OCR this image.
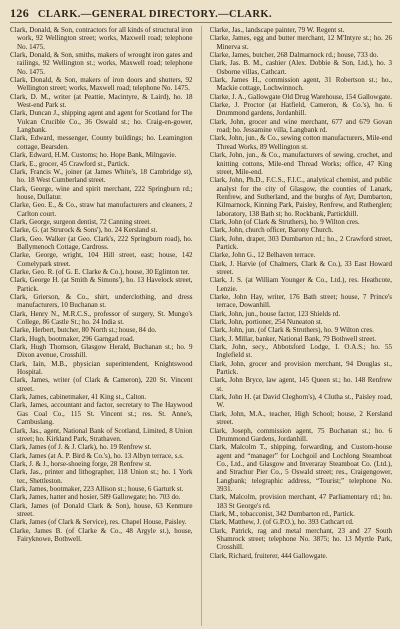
126 CLARK.—GENERAL DIRECTORY.—CLARK.

Clark, Donald, & Son, contractors for all kinds of structural iron work, 92 Wellington street; works, Maxwell road; telephone No. 1475.

Clark, Donald, & Son, smiths, makers of wrought iron gates and railings, 92 Wellington st.; works, Maxwell road; telephone No. 1475.

Clark, Donald, & Son, makers of iron doors and shutters, 92 Wellington street; works, Maxwell road; telephone No. 1475.

Clark, D. M., writer (at Peattie, Macintyre, & Laird), ho. 18 West-end Park st.

Clark, Duncan J., shipping agent and agent for Scotland for The Vulcan Crucible Co., 36 Oswald st.; ho. Craig-en-gower, Langbank.

Clark, Edward, messenger, County buildings; ho. Leamington cottage, Bearsden.

Clark, Edward, H.M. Customs; ho. Hope Bank, Milngavie.

Clark, E., grocer, 45 Crawford st., Partick.

Clark, Francis W., joiner (at James White's, 18 Cambridge st), ho. 18 West Cumberland street.

Clark, George, wine and spirit merchant, 222 Springburn rd.; house, Dullatur.

Clarke, Geo. E., & Co., straw hat manufacturers and cleaners, 2 Carlton court.

Clark, George, surgeon dentist, 72 Canning street.

Clarke, G. (at Strurock & Sons'), ho. 24 Kersland st.

Clark, Geo. Walker (at Geo. Clark's, 222 Springburn road), ho. Ballymenoch Cottage, Cardross.

Clarke, George, wright, 104 Hill street, east; house, 142 Comelypark street.

Clarke, Geo. R. (of G. E. Clarke & Co.), house, 30 Eglinton ter.

Clark, George H. (at Smith & Simons'), ho. 13 Havelock street, Partick.

Clark, Grierson, & Co., shirt, underclothing, and dress manufacturers, 10 Buchanan st.

Clark, Henry N., M.R.C.S., professor of surgery, St. Mungo's College, 86 Castle St.; ho. 24 India st.

Clarke, Herbert, butcher, 80 North st.; house, 84 do.

Clark, Hugh, bootmaker, 296 Garngad road.

Clark, Hugh Thomson, Glasgow Herald, Buchanan st.; ho. 9 Dixon avenue, Crosshill.

Clark, Iain, M.B., physician superintendent, Knightswood Hospital.

Clark, James, writer (of Clark & Cameron), 220 St. Vincent street.

Clark, James, cabinetmaker, 41 King st., Calton.

Clark, James, accountant and factor, secretary to The Haywood Gas Coal Co., 115 St. Vincent st.; res. St. Anne's, Cambuslang.

Clark, Jas., agent, National Bank of Scotland, Limited, 8 Union street; ho. Kirkland Park, Strathaven.

Clark, James (of J. & J. Clark), ho. 19 Renfrew st.

Clark, James (at A. P. Bird & Co.'s), ho. 13 Albyn terrace, s.s.

Clark, J. & J., horse-shoeing forge, 28 Renfrew st.

Clark, Jas., printer and lithographer, 118 Union st.; ho. 1 York ter., Shettleston.

Clark, James, bootmaker, 223 Allison st.; house, 6 Garturk st.

Clark, James, hatter and hosier, 589 Gallowgate; ho. 703 do.

Clark, James (of Donald Clark & Son), house, 63 Kenmure street.

Clark, James (of Clark & Service), res. Chapel House, Paisley.

Clarke, James B. (of Clarke & Co., 48 Argyle st.), house, Fairyknowe, Bothwell.

Clarke, Jas., landscape painter, 79 W. Regent st.

Clarke, James, egg and butter merchant, 12 M'Intyre st.; ho. 26 Minerva st.

Clarke, James, butcher, 268 Dalmarnock rd.; house, 733 do.

Clark, Jas. B. M., cashier (Alex. Dobbie & Son, Ltd.), ho. 3 Osborne villas, Cathcart.

Clark, James H., commission agent, 31 Robertson st.; ho., Mackie cottage, Lochwinnoch.

Clarke, J. A., Gallowgate Old Drug Warehouse, 154 Gallowgate.

Clarke, J. Proctor (at Hatfield, Cameron, & Co.'s), ho. 6 Drummond gardens, Jordanhill.

Clark, John, grocer and wine merchant, 677 and 679 Govan road; ho. Jessamine villa, Langbank rd.

Clark, John, jun., & Co., sewing cotton manufacturers, Mile-end Thread Works, 89 Wellington st.

Clark, John, jun., & Co., manufacturers of sewing, crochet, and knitting cottons, Mile-end Thread Works; office, 47 King street, Mile-end.

Clark, John, Ph.D., F.C.S., F.I.C., analytical chemist, and public analyst for the city of Glasgow, the counties of Lanark, Renfrew, and Sutherland, and the burghs of Ayr, Dumbarton, Kilmarnock, Kinning Park, Paisley, Renfrew, and Rutherglen; laboratory, 138 Bath st; ho. Rockbank, Partickhill.

Clark, John (of Clark & Struthers), ho. 9 Wilton cres.

Clark, John, church officer, Barony Church.

Clark, John, draper, 303 Dumbarton rd.; ho., 2 Crawford street, Partick.

Clarke, John G., 12 Belhaven terrace.

Clark, J. Harvie (of Chalmers, Clark & Co.), 33 East Howard street.

Clark, J. S. (at William Younger & Co., Ltd.), res. Heathcote, Lenzie.

Clarke, John Hay, writer, 176 Bath street; house, 7 Prince's terrace, Dowanhill.

Clark, John, jun., house factor, 123 Shields rd.

Clark, John, portioner, 254 Nuneaton st.

Clark, John, jun. (of Clark & Struthers), ho. 9 Wilton cres.

Clark, J. Millar, banker, National Bank, 79 Bothwell street.

Clark, John, secy., Abbotsford Lodge, I. O.A.S.; ho. 55 Inglefield st.

Clark, John, grocer and provision merchant, 94 Douglas st., Partick.

Clark, John Bryce, law agent, 145 Queen st.; ho. 148 Renfrew st.

Clark, John H. (at David Cleghorn's), 4 Clutha st., Paisley road, W.

Clark, John, M.A., teacher, High School; house, 2 Kersland street.

Clark, Joseph, commission agent, 75 Buchanan st.; ho. 6 Drummond Gardens, Jordanhill.

Clark, Malcolm T., shipping, forwarding, and Custom-house agent and “manager” for Lochgoil and Lochlong Steamboat Co., Ltd., and Glasgow and Inveraray Steamboat Co. (Ltd.), and Strachur Pier Co., 5 Oswald street; res., Craigengower, Langbank; telegraphic address, “Tourist;” telephone No. 3931.

Clark, Malcolm, provision merchant, 47 Parliamentary rd.; ho. 183 St George's rd.

Clark, M., tobacconist, 342 Dumbarton rd., Partick.

Clark, Matthew, J. (of G.P.O.), ho. 393 Cathcart rd.

Clark, Patrick, rag and metal merchant, 23 and 27 South Shamrock street; telephone No. 3875; ho. 13 Myrtle Park, Crosshill.

Clark, Richard, fruiterer, 444 Gallowgate.
